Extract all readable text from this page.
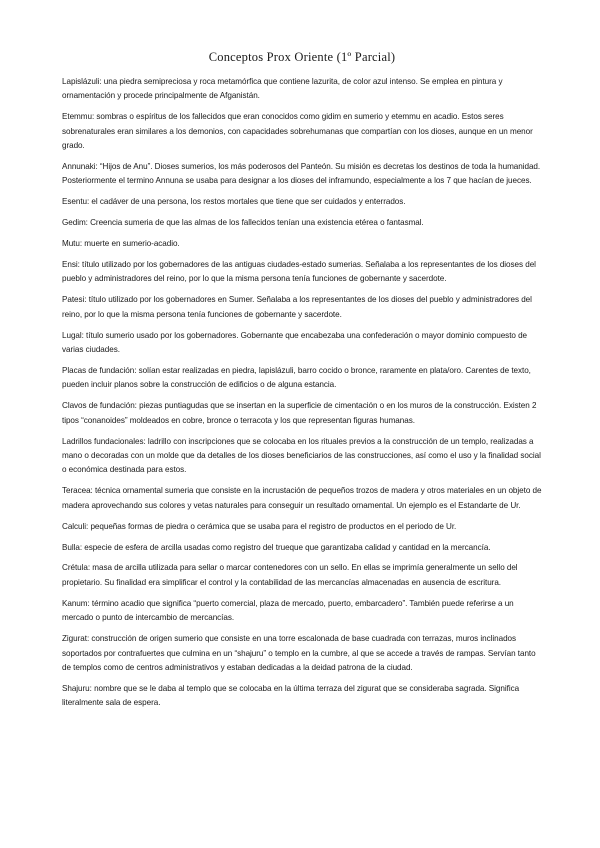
Conceptos Prox Oriente (1º Parcial)

Lapislázuli: una piedra semipreciosa y roca metamórfica que contiene lazurita, de color azul intenso. Se emplea en pintura y ornamentación y procede principalmente de Afganistán.

Etemmu: sombras o espíritus de los fallecidos que eran conocidos como gidim en sumerio y etemmu en acadio. Estos seres sobrenaturales eran similares a los demonios, con capacidades sobrehumanas que compartían con los dioses, aunque en un menor grado.

Annunaki: “Hijos de Anu”. Dioses sumerios, los más poderosos del Panteón. Su misión es decretas los destinos de toda la humanidad. Posteriormente el termino Annuna se usaba para designar a los dioses del inframundo, especialmente a los 7 que hacían de jueces.

Esentu: el cadáver de una persona, los restos mortales que tiene que ser cuidados y enterrados.

Gedim: Creencia sumeria de que las almas de los fallecidos tenían una existencia etérea o fantasmal.

Mutu: muerte en sumerio-acadio.

Ensi: título utilizado por los gobernadores de las antiguas ciudades-estado sumerias. Señalaba a los representantes de los dioses del pueblo y administradores del reino, por lo que la misma persona tenía funciones de gobernante y sacerdote.

Patesi: título utilizado por los gobernadores en Sumer. Señalaba a los representantes de los dioses del pueblo y administradores del reino, por lo que la misma persona tenía funciones de gobernante y sacerdote.

Lugal: título sumerio usado por los gobernadores. Gobernante que encabezaba una confederación o mayor dominio compuesto de varias ciudades.

Placas de fundación: solían estar realizadas en piedra, lapislázuli, barro cocido o bronce, raramente en plata/oro. Carentes de texto, pueden incluir planos sobre la construcción de edificios o de alguna estancia.

Clavos de fundación: piezas puntiagudas que se insertan en la superficie de cimentación o en los muros de la construcción. Existen 2 tipos “conanoides” moldeados en cobre, bronce o terracota y los que representan figuras humanas.

Ladrillos fundacionales: ladrillo con inscripciones que se colocaba en los rituales previos a la construcción de un templo, realizadas a mano o decoradas con un molde que da detalles de los dioses beneficiarios de las construcciones, así como el uso y la finalidad social o económica destinada para estos.

Teracea: técnica ornamental sumeria que consiste en la incrustación de pequeños trozos de madera y otros materiales en un objeto de madera aprovechando sus colores y vetas naturales para conseguir un resultado ornamental. Un ejemplo es el Estandarte de Ur.

Calculi: pequeñas formas de piedra o cerámica que se usaba para el registro de productos en el periodo de Ur.

Bulla: especie de esfera de arcilla usadas como registro del trueque que garantizaba calidad y cantidad en la mercancía.

Crétula: masa de arcilla utilizada para sellar o marcar contenedores con un sello. En ellas se imprimía generalmente un sello del propietario. Su finalidad era simplificar el control y la contabilidad de las mercancías almacenadas en ausencia de escritura.

Kanum: término acadio que significa “puerto comercial, plaza de mercado, puerto, embarcadero”. También puede referirse a un mercado o punto de intercambio de mercancías.

Zigurat: construcción de origen sumerio que consiste en una torre escalonada de base cuadrada con terrazas, muros inclinados soportados por contrafuertes que culmina en un “shajuru” o templo en la cumbre, al que se accede a través de rampas. Servían tanto de templos como de centros administrativos y estaban dedicadas a la deidad patrona de la ciudad.

Shajuru: nombre que se le daba al templo que se colocaba en la última terraza del zigurat que se consideraba sagrada. Significa literalmente sala de espera.
